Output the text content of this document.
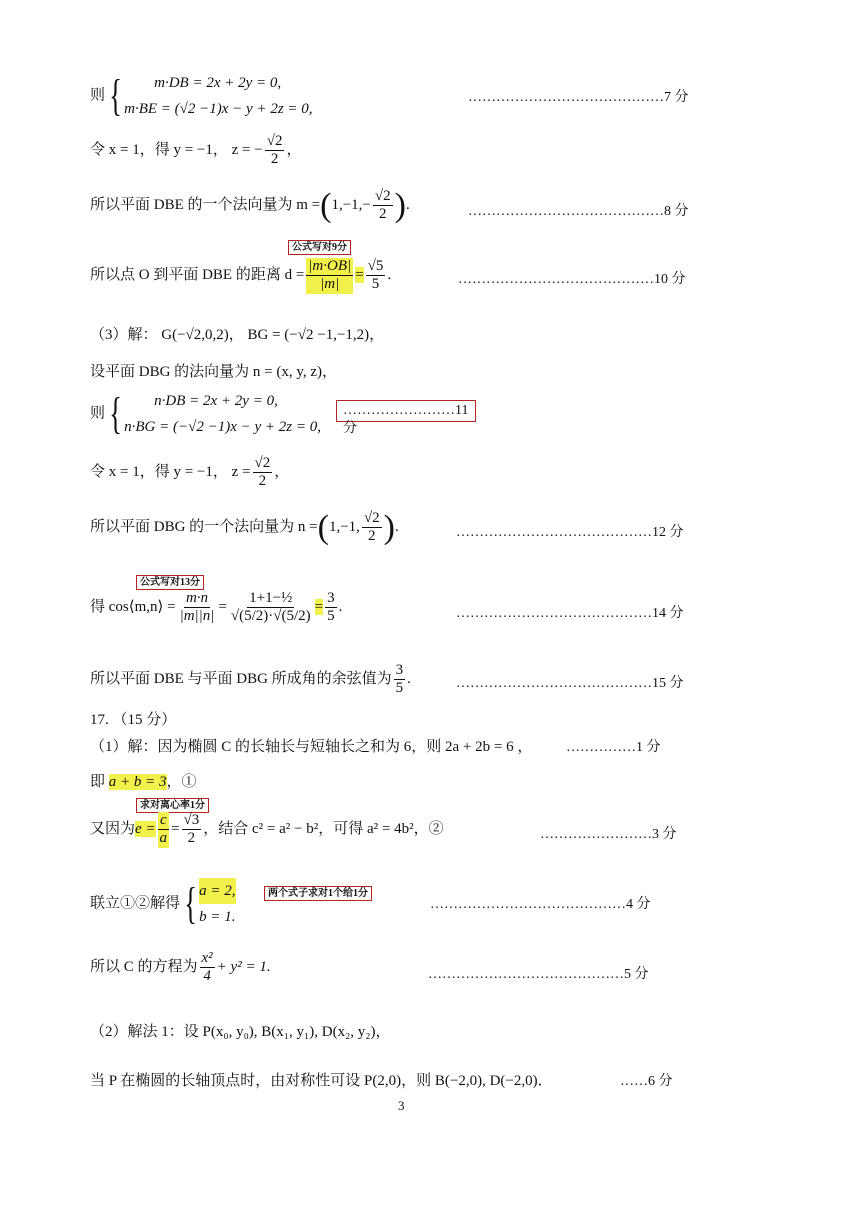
则{	m·DB = 2x + 2y = 0,
m·BE = (√2 −1)x − y + 2z = 0,
……………………………………7 分
令 x = 1，得 y = −1， z = − $\frac{√2}{2}$ ，
所以平面 DBE 的一个法向量为 $m =(1,-1,- \frac{√2}{2}$ ).	……………………………………8 分
公式写对9分
所以点 O 到平面 DBE 的距离 $d = \frac{|m\cdot OB|}{|m|} = \frac{√5}{5}$ .	……………………………………10 分
（3）解： G(−√2,0,2)， BG = (−√2 −1,−1,2)，
设平面 DBG 的法向量为 n = (x, y, z)，
则{	n·DB = 2x + 2y = 0,
n·BG = (−√2 −1)x − y + 2z = 0,
……………………11 分
令 x = 1，得 y = −1， $z = \frac{√2}{2}$ ，
所以平面 DBG 的一个法向量为 n =(1,−1, $\frac{√2}{2}$ ).	……………………………………12 分
公式写对13分
得 cos⟨m,n⟩ = $\frac{m\cdot n}{|m||n|} = \frac{\text{1+1−½}}{√(5/2)\cdot√(5/2)} = \frac{3}{5}$ .	……………………………………14 分
所以平面 DBE 与平面 DBG 所成角的余弦值为 $\frac{3}{5}$ .	……………………………………15 分
17. （15 分）
（1）解：因为椭圆 C 的长轴长与短轴长之和为 6，则 2a + 2b = 6 ， ……………1 分
即 a + b = 3，①
求对离心率1分
又因为$e = \frac{c}{a} = \frac{√3}{2}$ ，结合 c² = a² − b²，可得 a² = 4b²，②	……………………3 分
联立①②解得{ a = 2,
b = 1.
两个式子求对1个给1分
……………………………………4 分
所以 C 的方程为 $\frac{\text{x²}}{4} + y^2 = 1$.	……………………………………5 分
（2）解法 1：设 P(x₀, y₀), B(x₁, y₁), D(x₂, y₂)，
当 P 在椭圆的长轴顶点时，由对称性可设 P(2,0)，则 B(−2,0), D(−2,0)．	……6 分
3
